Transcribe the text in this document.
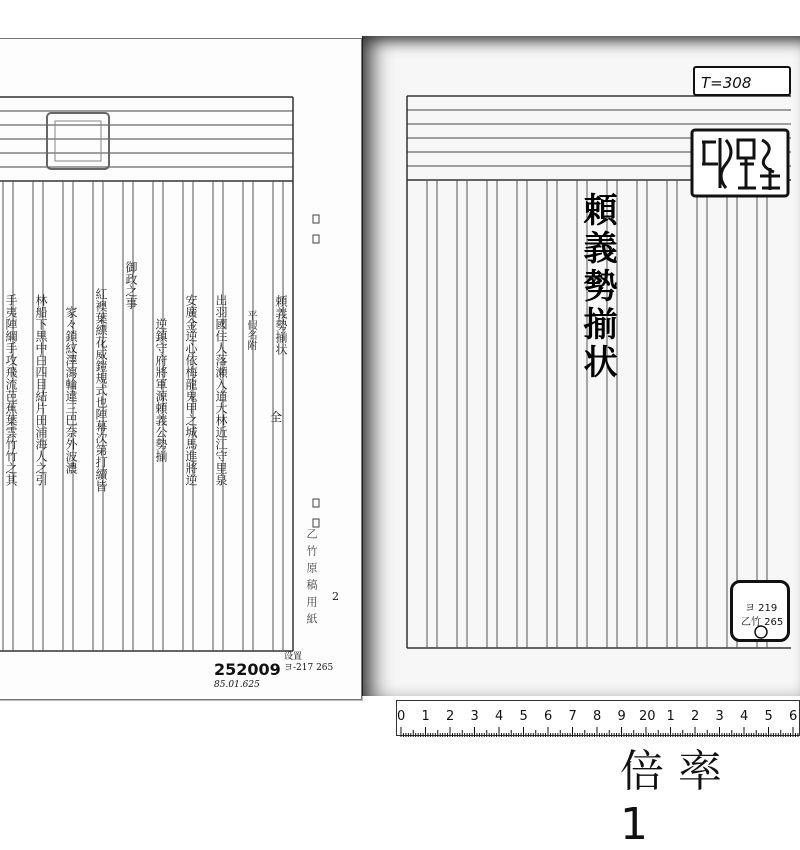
頼義勢揃状
平假名附
出羽國住人落瀬入道大林近江守里泉
安廣金逆心依梅龍鬼甲之城馬進將逆
逆鎮守府將軍源頼義公勢揃
御政之事
紅襖葉縹花威鎧規式也陣幕次第打續皆
家々鎖紋澤瀉輪違三巴奈外波濃
林船下黒中白四目結片田浦海人之引
手夷陣綱手攻飛流芭蕉葉雲竹竹之其	全
乙竹原稿用紙 2
252009
设置 ヨ-217 265
85.01.625
T=308
頼義勢揃状
ヨ 219
乙竹 265
0 1 2 3 4 5 6 7 8 9 20 1 2 3 4 5 6
倍率 1
